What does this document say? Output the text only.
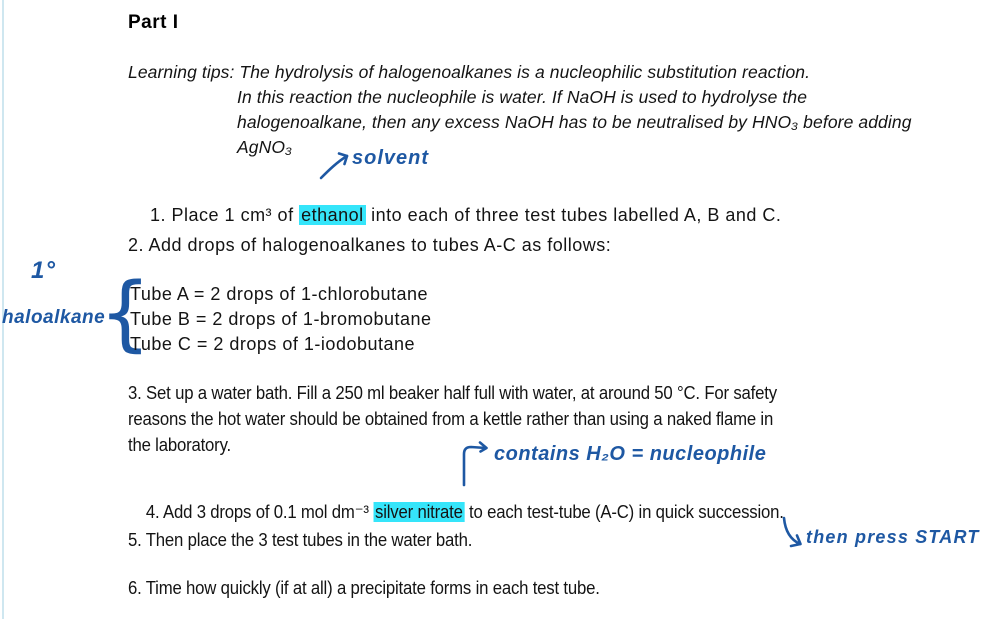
Part I
Learning tips: The hydrolysis of halogenoalkanes is a nucleophilic substitution reaction.
In this reaction the nucleophile is water. If NaOH is used to hydrolyse the
halogenoalkane, then any excess NaOH has to be neutralised by HNO₃ before adding
AgNO₃	solvent

1. Place 1 cm³ of ethanol into each of three test tubes labelled A, B and C.

2. Add drops of halogenoalkanes to tubes A-C as follows:
1°
haloalkane
{
Tube A = 2 drops of 1-chlorobutane
Tube B = 2 drops of 1-bromobutane
Tube C = 2 drops of 1-iodobutane
3. Set up a water bath. Fill a 250 ml beaker half full with water, at around 50 °C. For safety
reasons the hot water should be obtained from a kettle rather than using a naked flame in
the laboratory.	contains H₂O = nucleophile

4. Add 3 drops of 0.1 mol dm⁻³ silver nitrate to each test-tube (A-C) in quick succession.

5. Then place the 3 test tubes in the water bath.	then press START
6. Time how quickly (if at all) a precipitate forms in each test tube.
